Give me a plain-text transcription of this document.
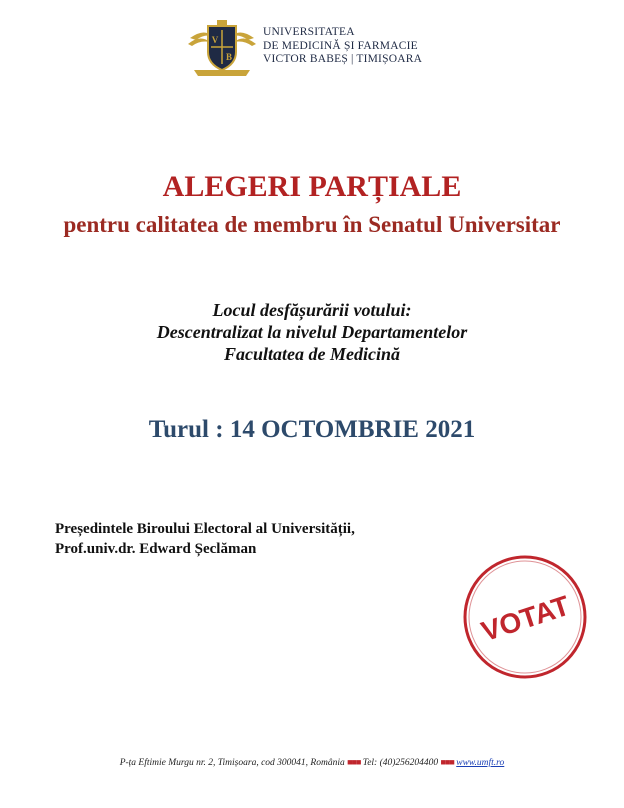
V
B
UNIVERSITATEA
DE MEDICINĂ ȘI FARMACIE
VICTOR BABEȘ | TIMIȘOARA
ALEGERI PARȚIALE
pentru calitatea de membru în Senatul Universitar
Locul desfășurării votului:
Descentralizat la nivelul Departamentelor
Facultatea de Medicină
Turul : 14 OCTOMBRIE 2021
Președintele Biroului Electoral al Universității,
Prof.univ.dr. Edward Șeclăman
VOTAT
P-ța Eftimie Murgu nr. 2, Timișoara, cod 300041, România ■■■ Tel: (40)256204400 ■■■ www.umft.ro
